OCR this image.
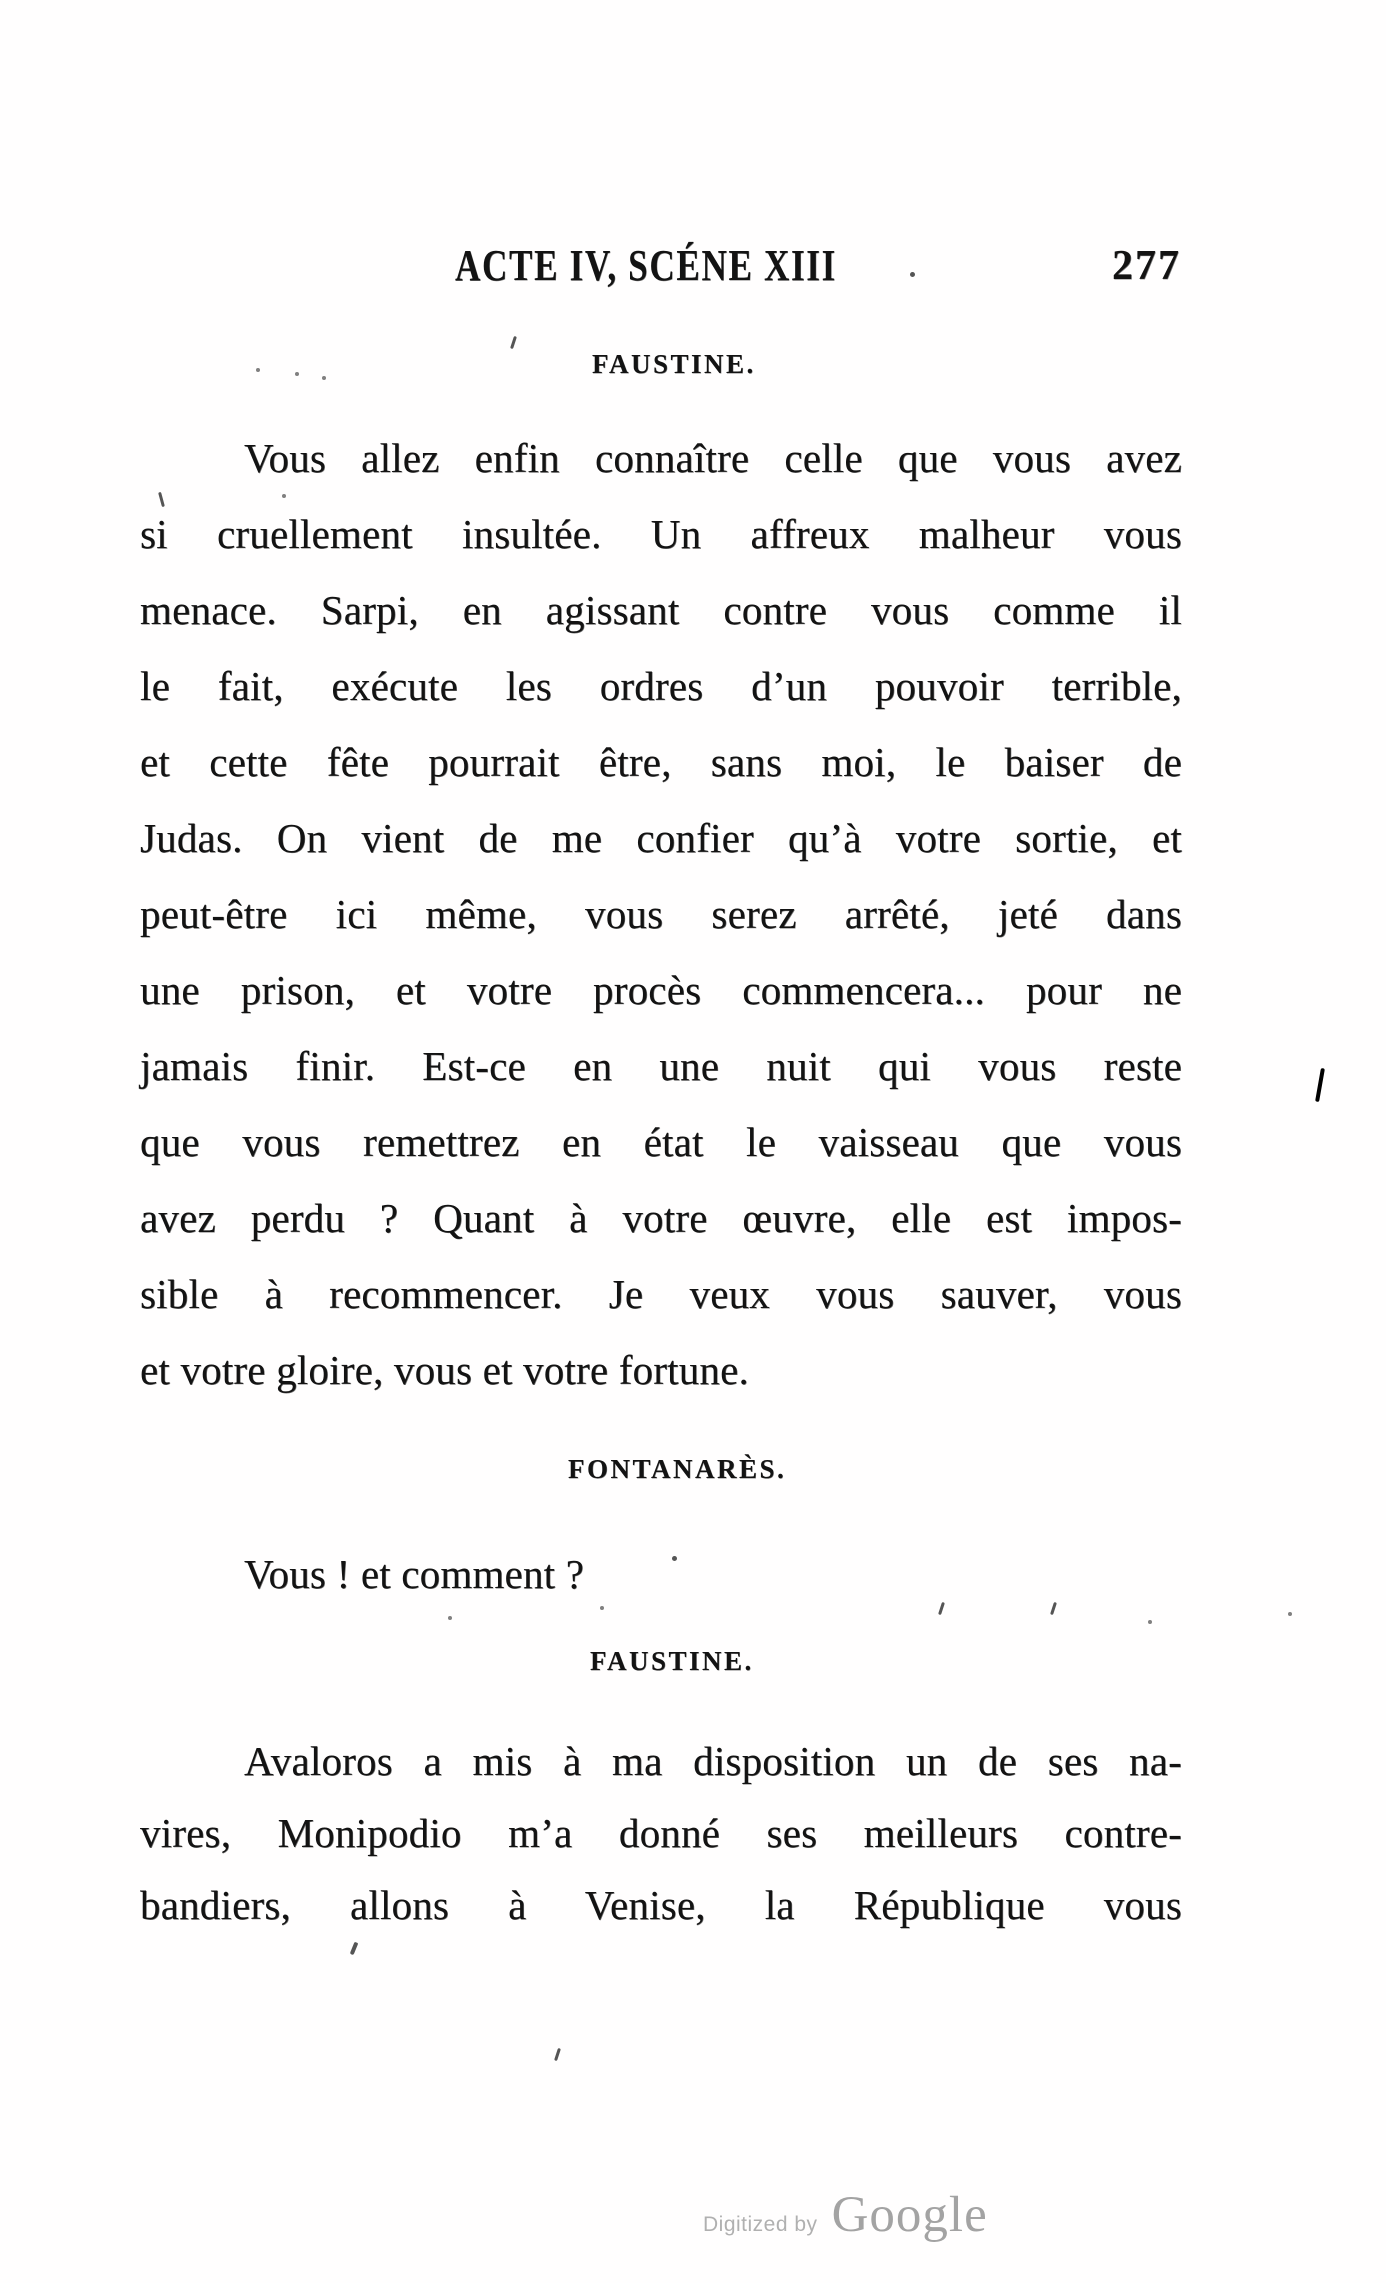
ACTE IV, SCÉNE XIII	277
FAUSTINE.
Vous allez enfin connaître celle que vous avez
si cruellement insultée. Un affreux malheur vous
menace. Sarpi, en agissant contre vous comme il
le fait, exécute les ordres d’un pouvoir terrible,
et cette fête pourrait être, sans moi, le baiser de
Judas. On vient de me confier qu’à votre sortie, et
peut-être ici même, vous serez arrêté, jeté dans
une prison, et votre procès commencera... pour ne
jamais finir. Est-ce en une nuit qui vous reste
que vous remettrez en état le vaisseau que vous
avez perdu ? Quant à votre œuvre, elle est impos-
sible à recommencer. Je veux vous sauver, vous
et votre gloire, vous et votre fortune.
FONTANARÈS.
Vous ! et comment ?
FAUSTINE.
Avaloros a mis à ma disposition un de ses na-
vires, Monipodio m’a donné ses meilleurs contre-
bandiers, allons à Venise, la République vous
Digitized by Google
